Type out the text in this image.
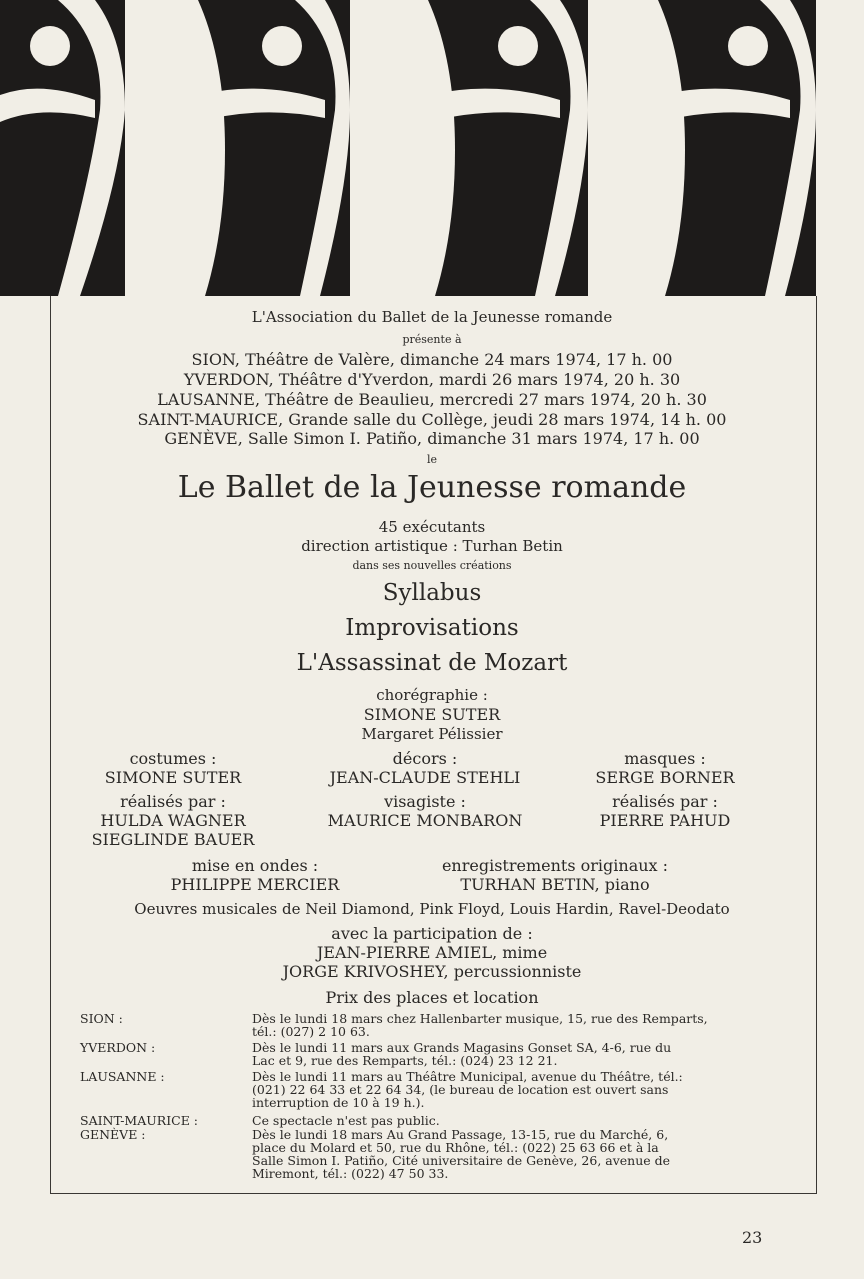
L'Association du Ballet de la Jeunesse romande
présente à
SION, Théâtre de Valère, dimanche 24 mars 1974, 17 h. 00
YVERDON, Théâtre d'Yverdon, mardi 26 mars 1974, 20 h. 30
LAUSANNE, Théâtre de Beaulieu, mercredi 27 mars 1974, 20 h. 30
SAINT-MAURICE, Grande salle du Collège, jeudi 28 mars 1974, 14 h. 00
GENÈVE, Salle Simon I. Patiño, dimanche 31 mars 1974, 17 h. 00
le
Le Ballet de la Jeunesse romande
45 exécutants
direction artistique : Turhan Betin
dans ses nouvelles créations
Syllabus
Improvisations
L'Assassinat de Mozart
chorégraphie :
SIMONE SUTER
Margaret Pélissier
costumes :
SIMONE SUTER
décors :
JEAN-CLAUDE STEHLI
masques :
SERGE BORNER
réalisés par :
HULDA WAGNER
SIEGLINDE BAUER
visagiste :
MAURICE MONBARON
réalisés par :
PIERRE PAHUD
mise en ondes :
PHILIPPE MERCIER
enregistrements originaux :
TURHAN BETIN, piano
Oeuvres musicales de Neil Diamond, Pink Floyd, Louis Hardin, Ravel-Deodato
avec la participation de :
JEAN-PIERRE AMIEL, mime
JORGE KRIVOSHEY, percussionniste
Prix des places et location
SION :	Dès le lundi 18 mars chez Hallenbarter musique, 15, rue des Remparts,
tél.: (027) 2 10 63.
YVERDON :	Dès le lundi 11 mars aux Grands Magasins Gonset SA, 4-6, rue du
Lac et 9, rue des Remparts, tél.: (024) 23 12 21.
LAUSANNE :	Dès le lundi 11 mars au Théâtre Municipal, avenue du Théâtre, tél.:
(021) 22 64 33 et 22 64 34, (le bureau de location est ouvert sans
interruption de 10 à 19 h.).
SAINT-MAURICE :	Ce spectacle n'est pas public.
GENÈVE :	Dès le lundi 18 mars Au Grand Passage, 13-15, rue du Marché, 6,
place du Molard et 50, rue du Rhône, tél.: (022) 25 63 66 et à la
Salle Simon I. Patiño, Cité universitaire de Genève, 26, avenue de
Miremont, tél.: (022) 47 50 33.
23
